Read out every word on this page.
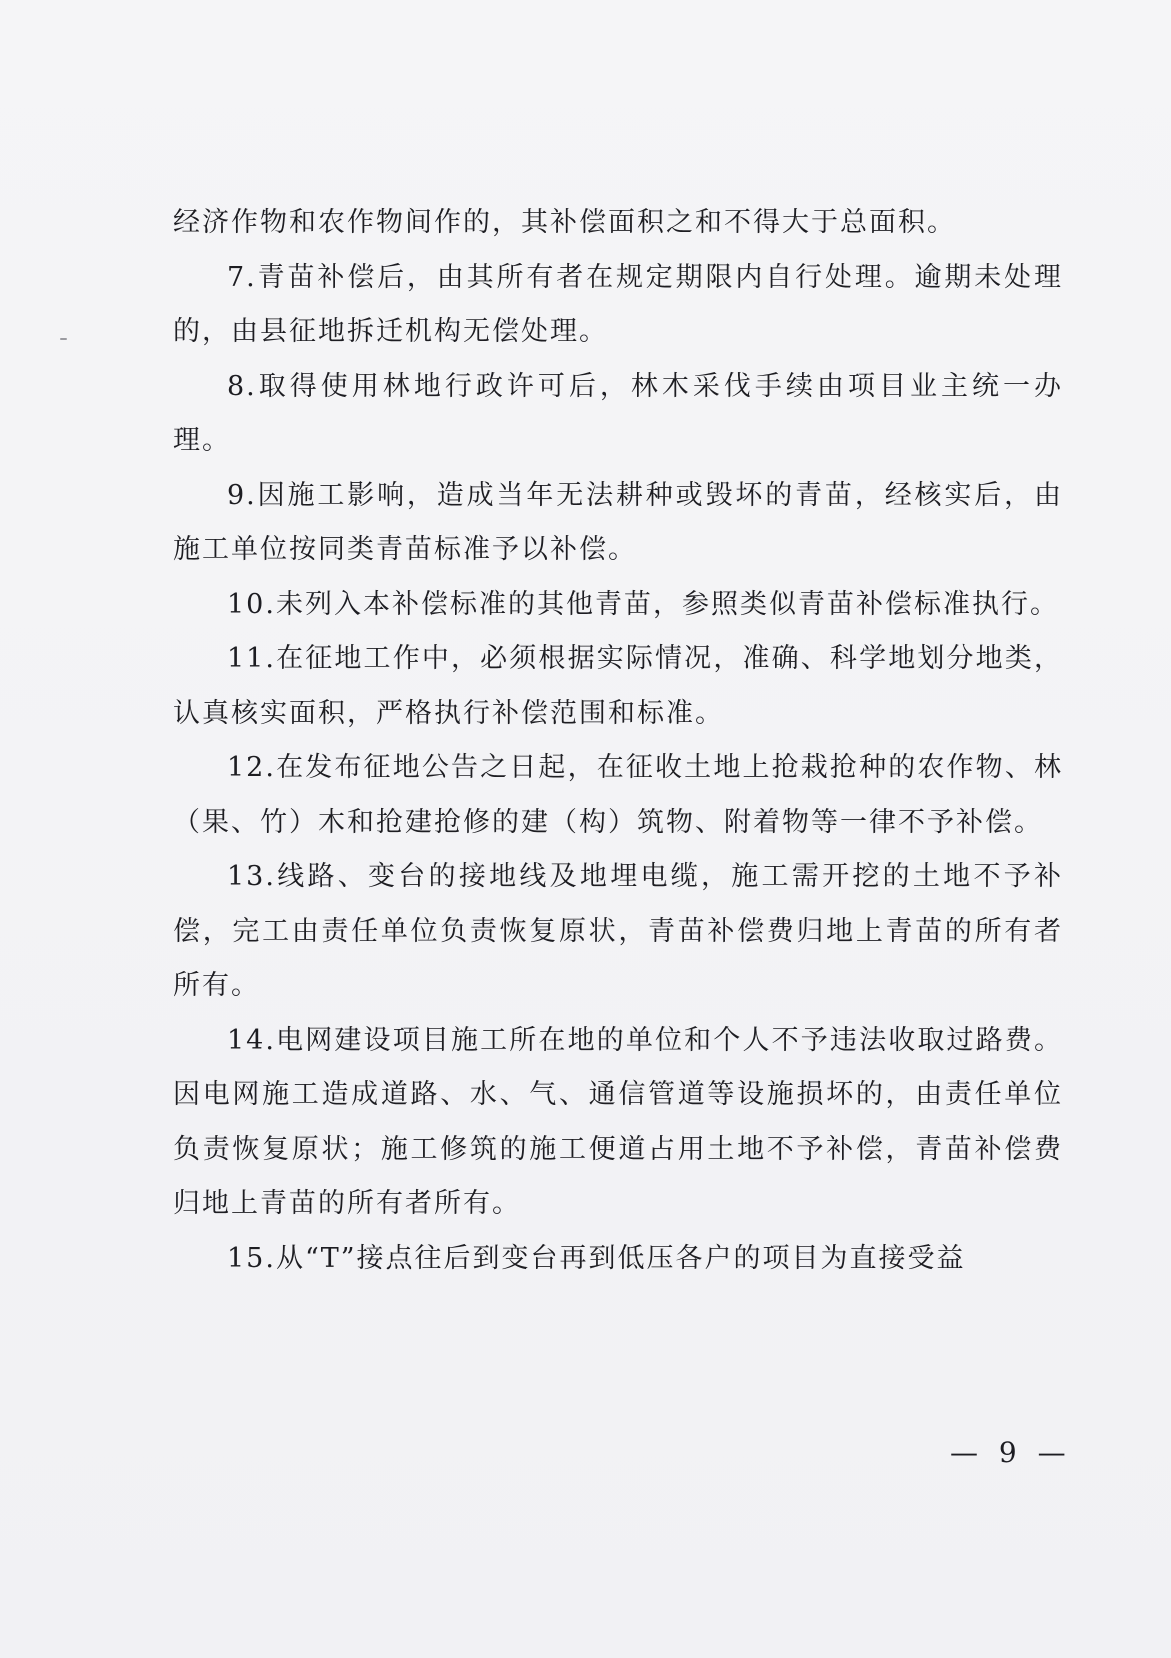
经济作物和农作物间作的，其补偿面积之和不得大于总面积。

7.青苗补偿后，由其所有者在规定期限内自行处理。逾期未处理的，由县征地拆迁机构无偿处理。

8.取得使用林地行政许可后，林木采伐手续由项目业主统一办理。

9.因施工影响，造成当年无法耕种或毁坏的青苗，经核实后，由施工单位按同类青苗标准予以补偿。

10.未列入本补偿标准的其他青苗，参照类似青苗补偿标准执行。

11.在征地工作中，必须根据实际情况，准确、科学地划分地类，认真核实面积，严格执行补偿范围和标准。

12.在发布征地公告之日起，在征收土地上抢栽抢种的农作物、林（果、竹）木和抢建抢修的建（构）筑物、附着物等一律不予补偿。

13.线路、变台的接地线及地埋电缆，施工需开挖的土地不予补偿，完工由责任单位负责恢复原状，青苗补偿费归地上青苗的所有者所有。

14.电网建设项目施工所在地的单位和个人不予违法收取过路费。因电网施工造成道路、水、气、通信管道等设施损坏的，由责任单位负责恢复原状；施工修筑的施工便道占用土地不予补偿，青苗补偿费归地上青苗的所有者所有。

15.从“T”接点往后到变台再到低压各户的项目为直接受益

— 9 —
